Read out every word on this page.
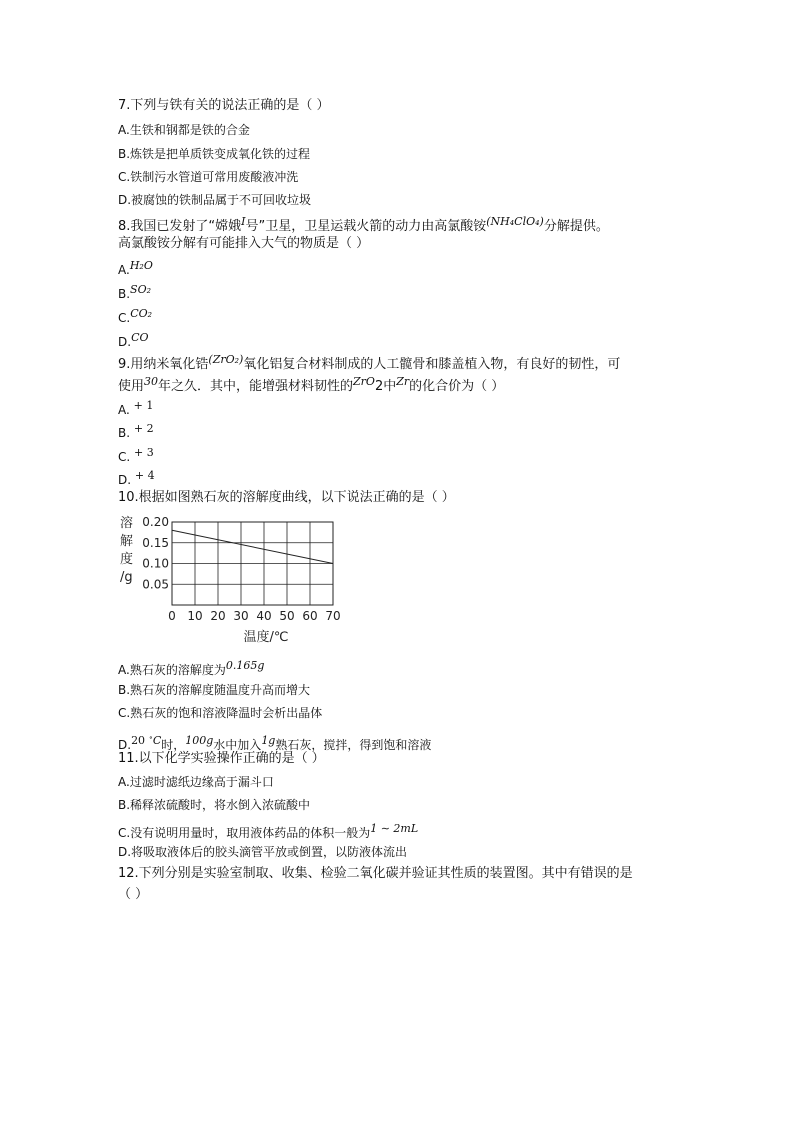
7.下列与铁有关的说法正确的是（ ）
A.生铁和钢都是铁的合金
B.炼铁是把单质铁变成氧化铁的过程
C.铁制污水管道可常用废酸液冲洗
D.被腐蚀的铁制品属于不可回收垃圾
8.我国已发射了“嫦娥$^I$号”卫星，卫星运载火箭的动力由高氯酸铵$^{(NH_4ClO_4)}$分解提供。
高氯酸铵分解有可能排入大气的物质是（ ）
A.H₂O
B.SO₂
C.CO₂
D.CO
9.用纳米氧化锆$^{(ZrO_2)}$氧化铝复合材料制成的人工髋骨和膝盖植入物，有良好的韧性，可
使用$^{30}$年之久．其中，能增强材料韧性的$^{ZrO}$2中$^{Zr}$的化合价为（ ）
A. + 1
B. + 2
C. + 3
D. + 4
10.根据如图熟石灰的溶解度曲线，以下说法正确的是（ ）
0 10 20 30 40 50 60 70
0.05
0.10
0.15
0.20
溶
解
度
/g
温度/℃
A.熟石灰的溶解度为0.165g
B.熟石灰的溶解度随温度升高而增大
C.熟石灰的饱和溶液降温时会析出晶体
D.20 ∘C时，100g水中加入1g熟石灰，搅拌，得到饱和溶液
11.以下化学实验操作正确的是（ ）
A.过滤时滤纸边缘高于漏斗口
B.稀释浓硫酸时，将水倒入浓硫酸中
C.没有说明用量时，取用液体药品的体积一般为1 ∼ 2mL
D.将吸取液体后的胶头滴管平放或倒置，以防液体流出
12.下列分别是实验室制取、收集、检验二氧化碳并验证其性质的装置图。其中有错误的是
（ ）
